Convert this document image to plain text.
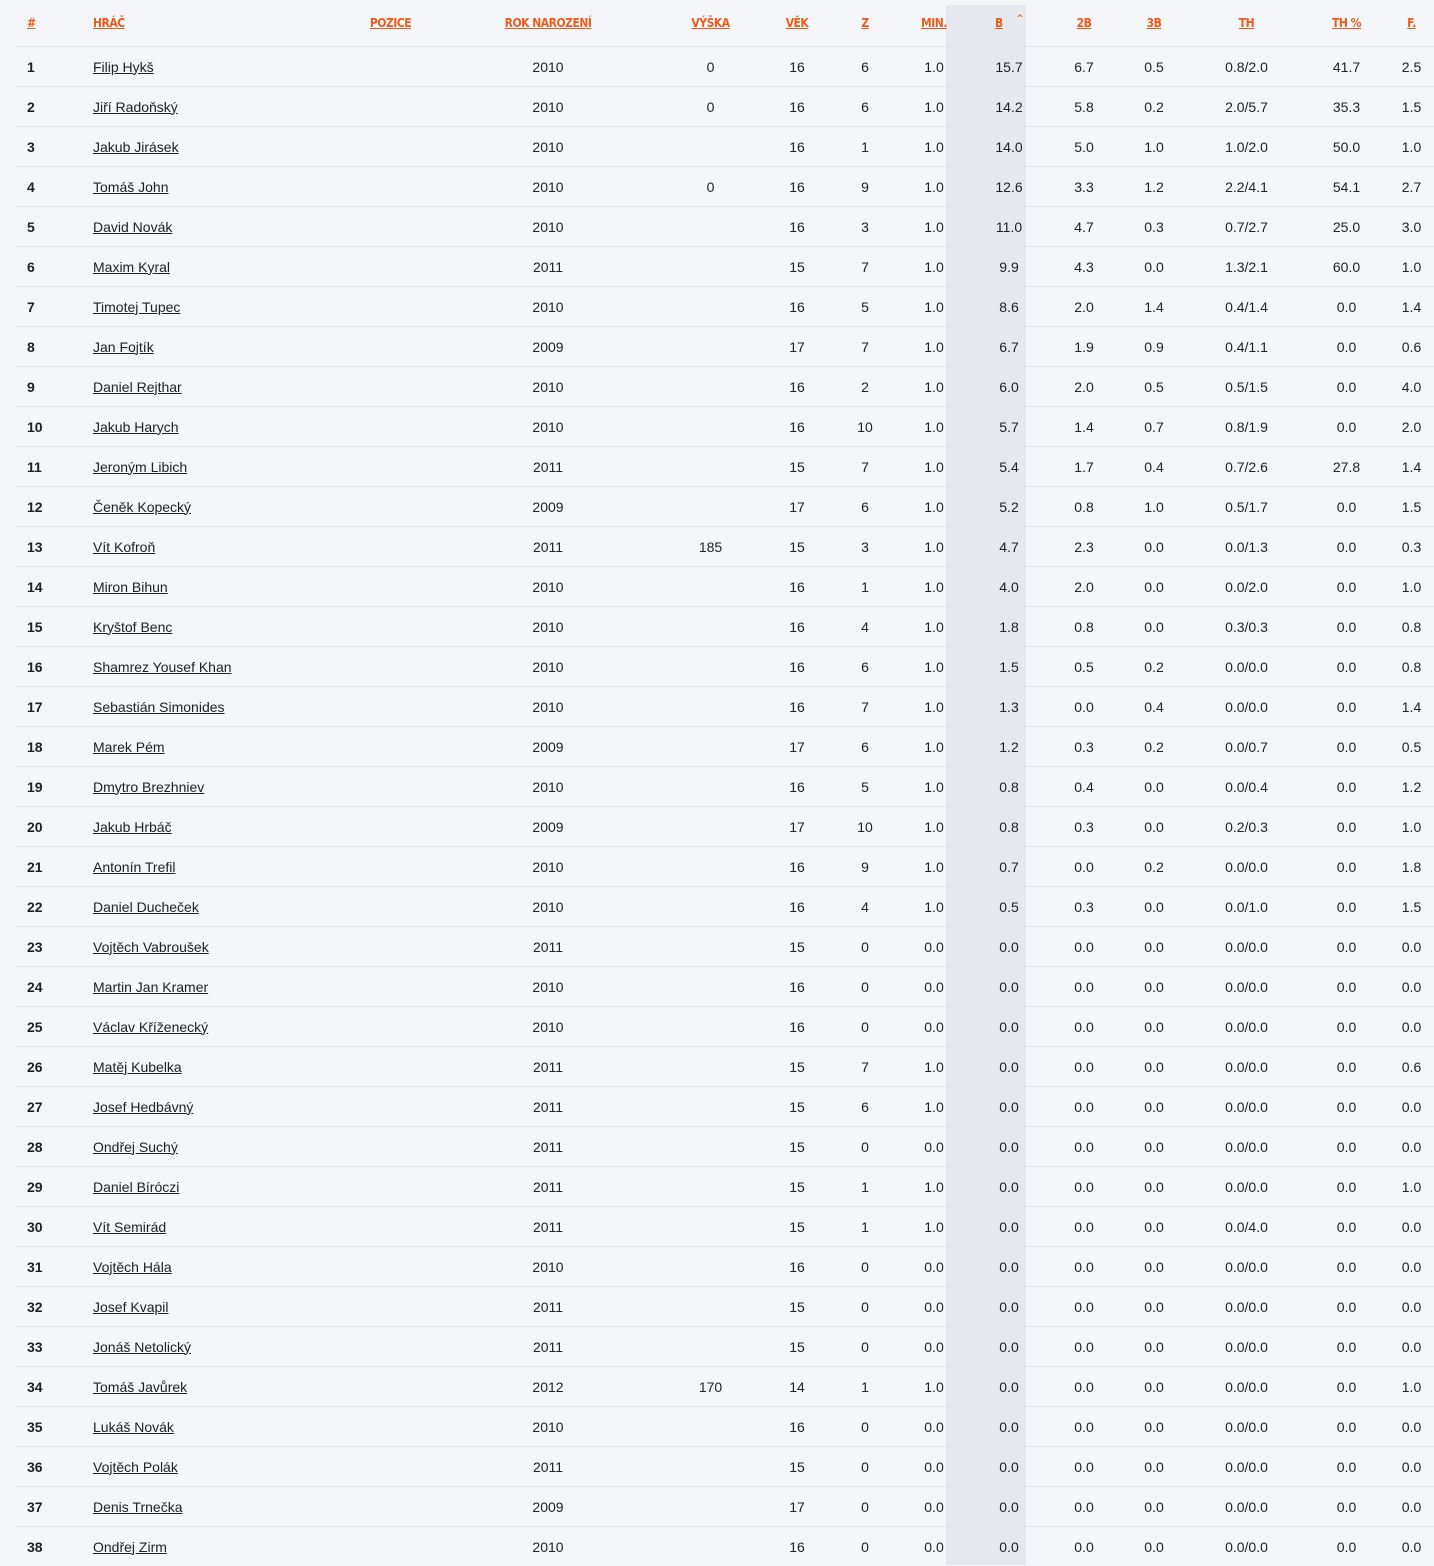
#	HRÁČ	POZICE	ROK NAROZENÍ	VÝŠKA	VĚK	Z	MIN.	B ^	2B	3B	TH	TH %	F.
1	Filip Hykš		2010	0	16	6	1.0	15.7	6.7	0.5	0.8/2.0	41.7	2.5
2	Jiří Radoňský		2010	0	16	6	1.0	14.2	5.8	0.2	2.0/5.7	35.3	1.5
3	Jakub Jirásek		2010		16	1	1.0	14.0	5.0	1.0	1.0/2.0	50.0	1.0
4	Tomáš John		2010	0	16	9	1.0	12.6	3.3	1.2	2.2/4.1	54.1	2.7
5	David Novák		2010		16	3	1.0	11.0	4.7	0.3	0.7/2.7	25.0	3.0
6	Maxim Kyral		2011		15	7	1.0	9.9	4.3	0.0	1.3/2.1	60.0	1.0
7	Timotej Tupec		2010		16	5	1.0	8.6	2.0	1.4	0.4/1.4	0.0	1.4
8	Jan Fojtík		2009		17	7	1.0	6.7	1.9	0.9	0.4/1.1	0.0	0.6
9	Daniel Rejthar		2010		16	2	1.0	6.0	2.0	0.5	0.5/1.5	0.0	4.0
10	Jakub Harych		2010		16	10	1.0	5.7	1.4	0.7	0.8/1.9	0.0	2.0
11	Jeroným Libich		2011		15	7	1.0	5.4	1.7	0.4	0.7/2.6	27.8	1.4
12	Čeněk Kopecký		2009		17	6	1.0	5.2	0.8	1.0	0.5/1.7	0.0	1.5
13	Vít Kofroň		2011	185	15	3	1.0	4.7	2.3	0.0	0.0/1.3	0.0	0.3
14	Miron Bihun		2010		16	1	1.0	4.0	2.0	0.0	0.0/2.0	0.0	1.0
15	Kryštof Benc		2010		16	4	1.0	1.8	0.8	0.0	0.3/0.3	0.0	0.8
16	Shamrez Yousef Khan		2010		16	6	1.0	1.5	0.5	0.2	0.0/0.0	0.0	0.8
17	Sebastián Simonides		2010		16	7	1.0	1.3	0.0	0.4	0.0/0.0	0.0	1.4
18	Marek Pém		2009		17	6	1.0	1.2	0.3	0.2	0.0/0.7	0.0	0.5
19	Dmytro Brezhniev		2010		16	5	1.0	0.8	0.4	0.0	0.0/0.4	0.0	1.2
20	Jakub Hrbáč		2009		17	10	1.0	0.8	0.3	0.0	0.2/0.3	0.0	1.0
21	Antonín Trefil		2010		16	9	1.0	0.7	0.0	0.2	0.0/0.0	0.0	1.8
22	Daniel Ducheček		2010		16	4	1.0	0.5	0.3	0.0	0.0/1.0	0.0	1.5
23	Vojtěch Vabroušek		2011		15	0	0.0	0.0	0.0	0.0	0.0/0.0	0.0	0.0
24	Martin Jan Kramer		2010		16	0	0.0	0.0	0.0	0.0	0.0/0.0	0.0	0.0
25	Václav Kříženecký		2010		16	0	0.0	0.0	0.0	0.0	0.0/0.0	0.0	0.0
26	Matěj Kubelka		2011		15	7	1.0	0.0	0.0	0.0	0.0/0.0	0.0	0.6
27	Josef Hedbávný		2011		15	6	1.0	0.0	0.0	0.0	0.0/0.0	0.0	0.0
28	Ondřej Suchý		2011		15	0	0.0	0.0	0.0	0.0	0.0/0.0	0.0	0.0
29	Daniel Bíróczi		2011		15	1	1.0	0.0	0.0	0.0	0.0/0.0	0.0	1.0
30	Vít Semirád		2011		15	1	1.0	0.0	0.0	0.0	0.0/4.0	0.0	0.0
31	Vojtěch Hála		2010		16	0	0.0	0.0	0.0	0.0	0.0/0.0	0.0	0.0
32	Josef Kvapil		2011		15	0	0.0	0.0	0.0	0.0	0.0/0.0	0.0	0.0
33	Jonáš Netolický		2011		15	0	0.0	0.0	0.0	0.0	0.0/0.0	0.0	0.0
34	Tomáš Javůrek		2012	170	14	1	1.0	0.0	0.0	0.0	0.0/0.0	0.0	1.0
35	Lukáš Novák		2010		16	0	0.0	0.0	0.0	0.0	0.0/0.0	0.0	0.0
36	Vojtěch Polák		2011		15	0	0.0	0.0	0.0	0.0	0.0/0.0	0.0	0.0
37	Denis Trnečka		2009		17	0	0.0	0.0	0.0	0.0	0.0/0.0	0.0	0.0
38	Ondřej Zirm		2010		16	0	0.0	0.0	0.0	0.0	0.0/0.0	0.0	0.0
